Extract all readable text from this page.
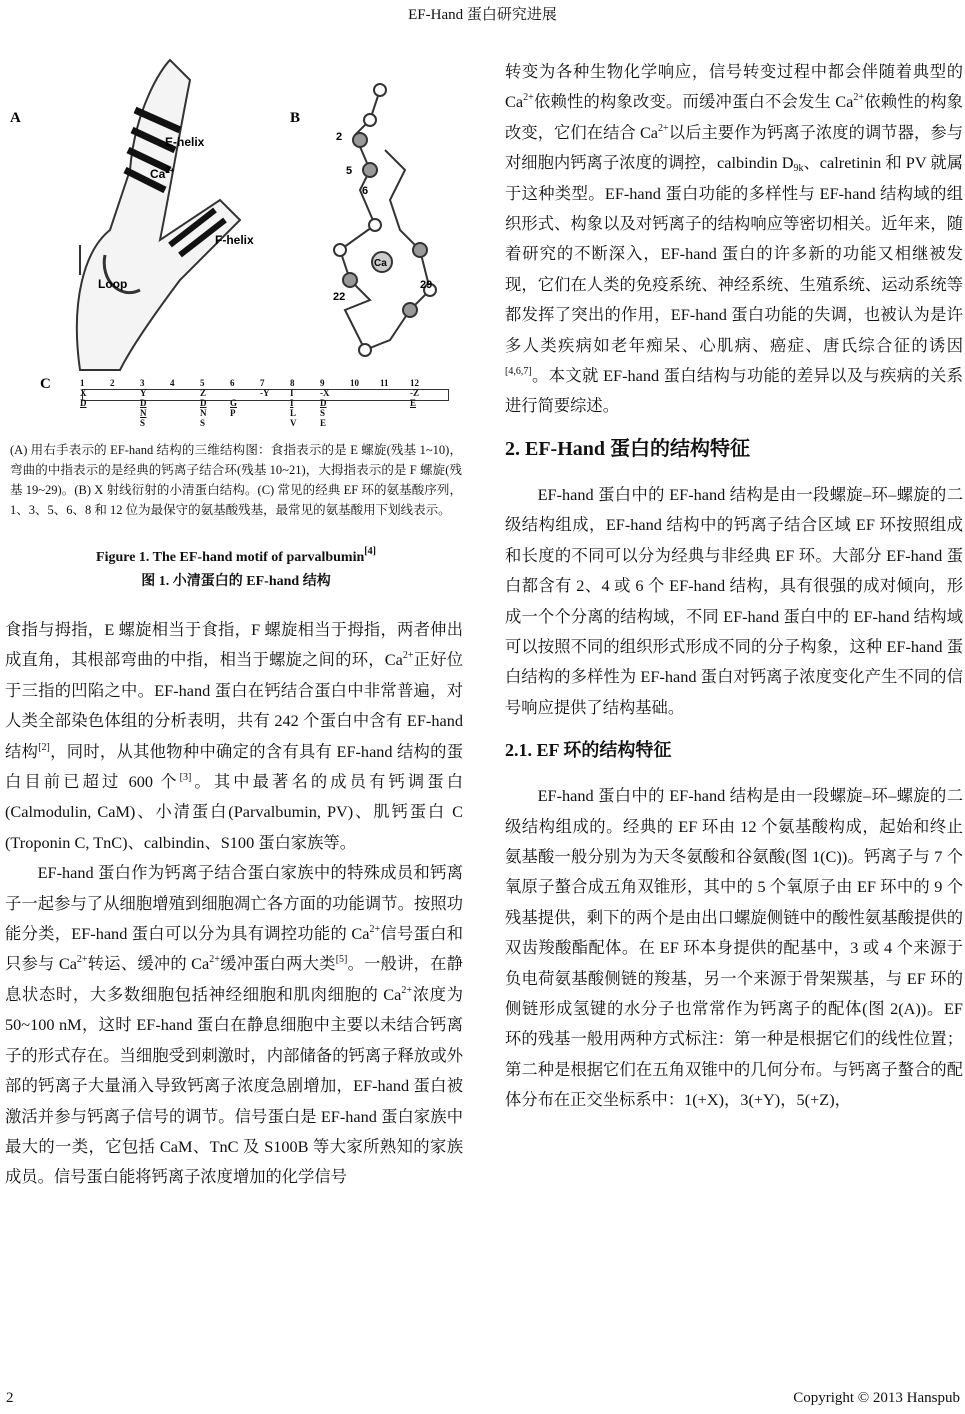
EF-Hand 蛋白研究进展
A	B
C
E-helix
$Ca^{2+}$
F-helix
Loop
Ca
2
5
6
22
29
1	2	3	4	5	6	7	8	9	10	11	12
X		Y		Z		-Y	I	-X			-Z
D		D		D	G		I	D			E
		N		N	P		L	S			
		S		S			V	E			
(A) 用右手表示的 EF-hand 结构的三维结构图：食指表示的是 E 螺旋(残基 1~10)，弯曲的中指表示的是经典的钙离子结合环(残基 10~21)，大拇指表示的是 F 螺旋(残基 19~29)。(B) X 射线衍射的小清蛋白结构。(C) 常见的经典 EF 环的氨基酸序列，1、3、5、6、8 和 12 位为最保守的氨基酸残基，最常见的氨基酸用下划线表示。
Figure 1. The EF-hand motif of parvalbumin[4]
图 1. 小清蛋白的 EF-hand 结构

食指与拇指，E 螺旋相当于食指，F 螺旋相当于拇指，两者伸出成直角，其根部弯曲的中指，相当于螺旋之间的环，$Ca^{2+}$正好位于三指的凹陷之中。EF-hand 蛋白在钙结合蛋白中非常普遍，对人类全部染色体组的分析表明，共有 242 个蛋白中含有 EF-hand 结构[2]，同时，从其他物种中确定的含有具有 EF-hand 结构的蛋白目前已超过 600 个[3]。其中最著名的成员有钙调蛋白(Calmodulin, CaM)、小清蛋白(Parvalbumin, PV)、肌钙蛋白 C (Troponin C, TnC)、calbindin、S100 蛋白家族等。

EF-hand 蛋白作为钙离子结合蛋白家族中的特殊成员和钙离子一起参与了从细胞增殖到细胞凋亡各方面的功能调节。按照功能分类，EF-hand 蛋白可以分为具有调控功能的 $Ca^{2+}$信号蛋白和只参与 $Ca^{2+}$转运、缓冲的 $Ca^{2+}$缓冲蛋白两大类[5]。一般讲，在静息状态时，大多数细胞包括神经细胞和肌肉细胞的 $Ca^{2+}$浓度为 50~100 nM，这时 EF-hand 蛋白在静息细胞中主要以未结合钙离子的形式存在。当细胞受到刺激时，内部储备的钙离子释放或外部的钙离子大量涌入导致钙离子浓度急剧增加，EF-hand 蛋白被激活并参与钙离子信号的调节。信号蛋白是 EF-hand 蛋白家族中最大的一类，它包括 CaM、TnC 及 S100B 等大家所熟知的家族成员。信号蛋白能将钙离子浓度增加的化学信号

转变为各种生物化学响应，信号转变过程中都会伴随着典型的 $Ca^{2+}$依赖性的构象改变。而缓冲蛋白不会发生 $Ca^{2+}$依赖性的构象改变，它们在结合 $Ca^{2+}$以后主要作为钙离子浓度的调节器，参与对细胞内钙离子浓度的调控，calbindin $D_{9k}$、calretinin 和 PV 就属于这种类型。EF-hand 蛋白功能的多样性与 EF-hand 结构域的组织形式、构象以及对钙离子的结构响应等密切相关。近年来，随着研究的不断深入，EF-hand 蛋白的许多新的功能又相继被发现，它们在人类的免疫系统、神经系统、生殖系统、运动系统等都发挥了突出的作用，EF-hand 蛋白功能的失调，也被认为是许多人类疾病如老年痴呆、心肌病、癌症、唐氏综合征的诱因[4,6,7]。本文就 EF-hand 蛋白结构与功能的差异以及与疾病的关系进行简要综述。

2. EF-Hand 蛋白的结构特征

EF-hand 蛋白中的 EF-hand 结构是由一段螺旋–环–螺旋的二级结构组成，EF-hand 结构中的钙离子结合区域 EF 环按照组成和长度的不同可以分为经典与非经典 EF 环。大部分 EF-hand 蛋白都含有 2、4 或 6 个 EF-hand 结构，具有很强的成对倾向，形成一个个分离的结构域，不同 EF-hand 蛋白中的 EF-hand 结构域可以按照不同的组织形式形成不同的分子构象，这种 EF-hand 蛋白结构的多样性为 EF-hand 蛋白对钙离子浓度变化产生不同的信号响应提供了结构基础。

2.1. EF 环的结构特征

EF-hand 蛋白中的 EF-hand 结构是由一段螺旋–环–螺旋的二级结构组成的。经典的 EF 环由 12 个氨基酸构成，起始和终止氨基酸一般分别为为天冬氨酸和谷氨酸(图 1(C))。钙离子与 7 个氧原子螯合成五角双锥形，其中的 5 个氧原子由 EF 环中的 9 个残基提供，剩下的两个是由出口螺旋侧链中的酸性氨基酸提供的双齿羧酸酯配体。在 EF 环本身提供的配基中，3 或 4 个来源于负电荷氨基酸侧链的羧基，另一个来源于骨架羰基，与 EF 环的侧链形成氢键的水分子也常常作为钙离子的配体(图 2(A))。EF 环的残基一般用两种方式标注：第一种是根据它们的线性位置；第二种是根据它们在五角双锥中的几何分布。与钙离子螯合的配体分布在正交坐标系中：1(+X)，3(+Y)，5(+Z)，

2	Copyright © 2013 Hanspub
